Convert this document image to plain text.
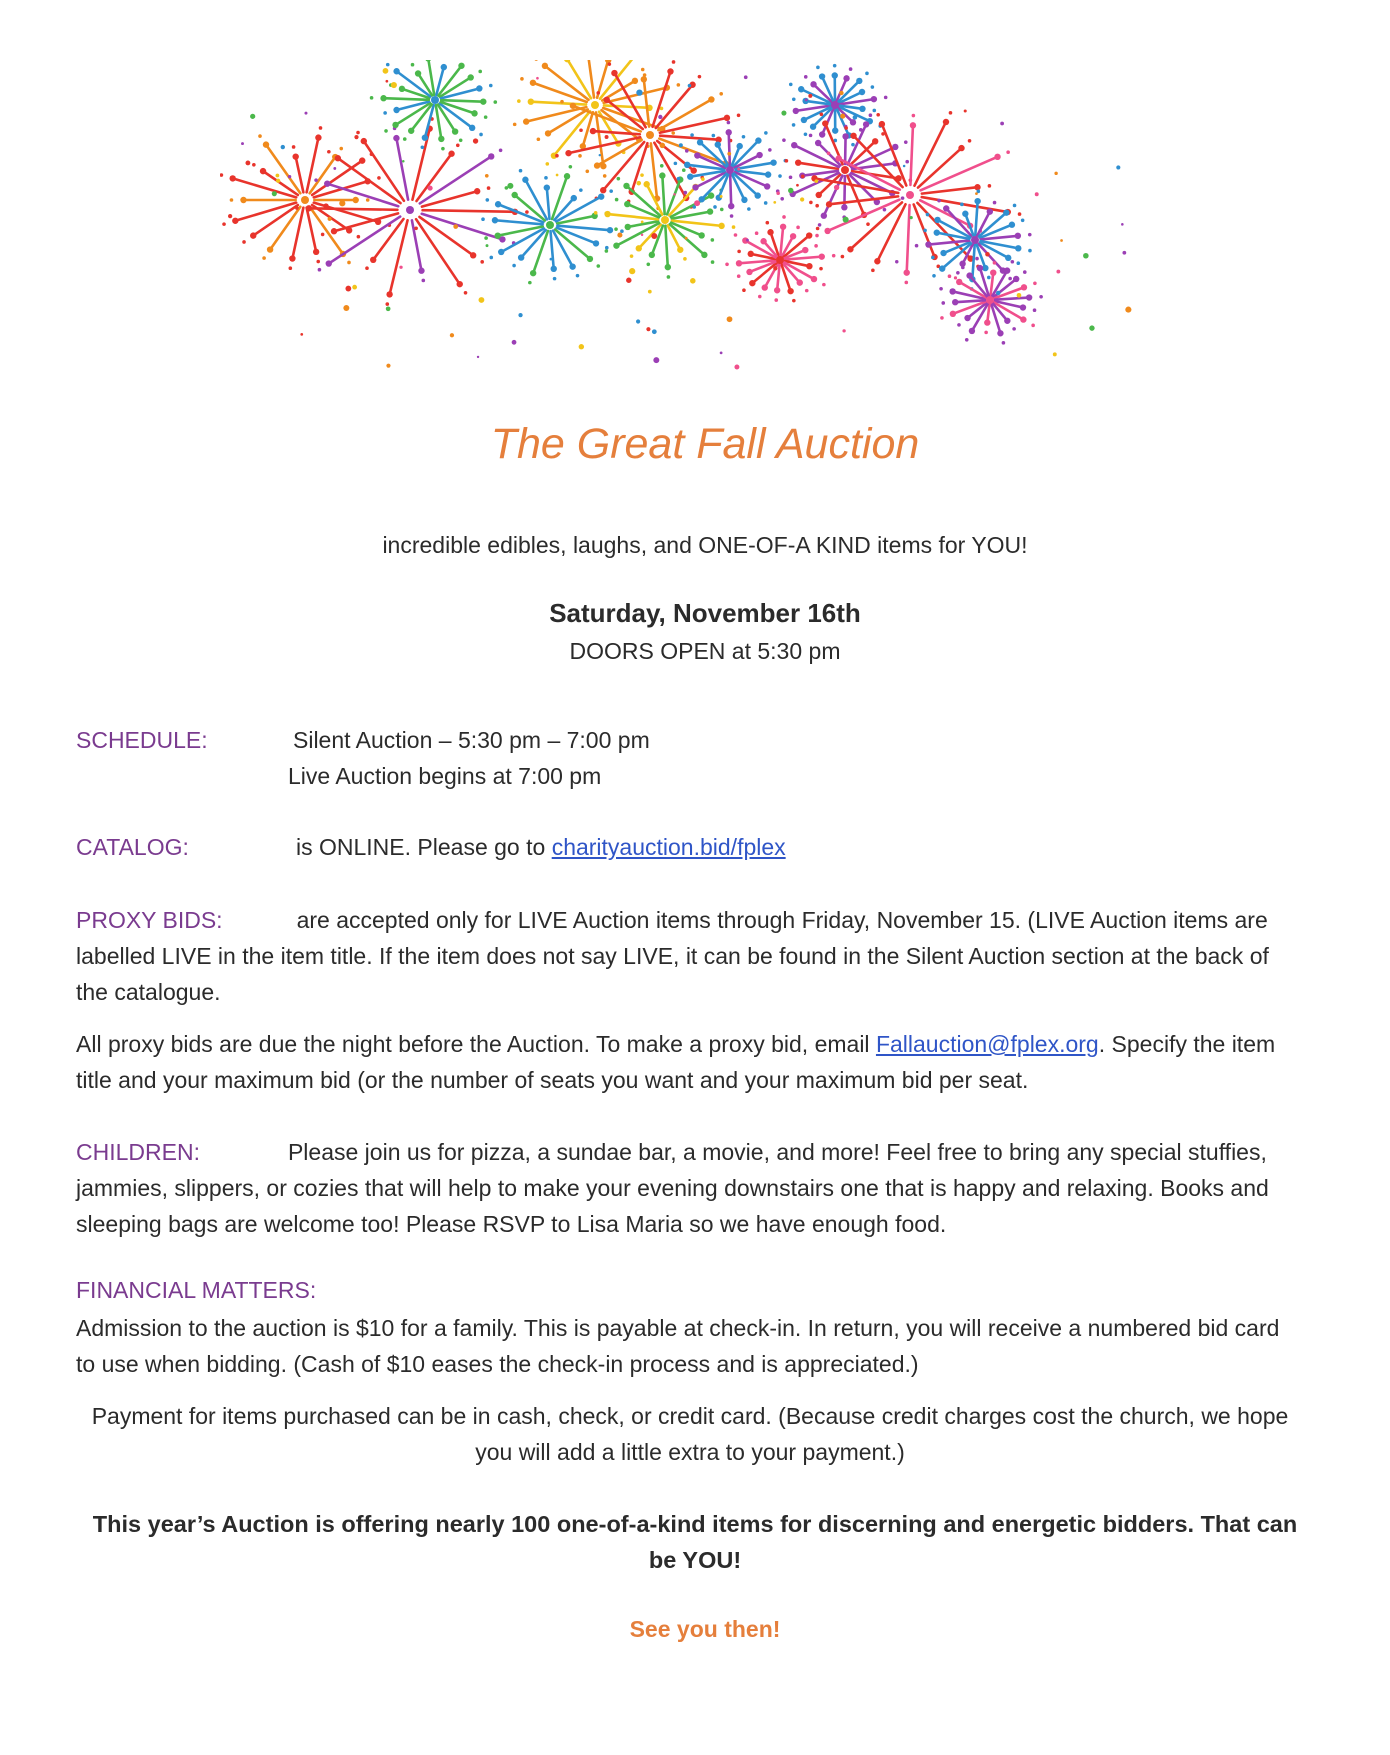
The Great Fall Auction
incredible edibles, laughs, and ONE-OF-A KIND items for YOU!
Saturday, November 16th
DOORS OPEN at 5:30 pm
SCHEDULE:	Silent Auction – 5:30 pm – 7:00 pm
Live Auction begins at 7:00 pm
CATALOG:	is ONLINE. Please go to charityauction.bid/fplex
PROXY BIDS:	are accepted only for LIVE Auction items through Friday, November 15. (LIVE Auction items are labelled LIVE in the item title. If the item does not say LIVE, it can be found in the Silent Auction section at the back of the catalogue.
All proxy bids are due the night before the Auction. To make a proxy bid, email Fallauction@fplex.org. Specify the item title and your maximum bid (or the number of seats you want and your maximum bid per seat.
CHILDREN:	Please join us for pizza, a sundae bar, a movie, and more! Feel free to bring any special stuffies, jammies, slippers, or cozies that will help to make your evening downstairs one that is happy and relaxing. Books and sleeping bags are welcome too! Please RSVP to Lisa Maria so we have enough food.
FINANCIAL MATTERS:
Admission to the auction is $10 for a family. This is payable at check-in. In return, you will receive a numbered bid card to use when bidding. (Cash of $10 eases the check-in process and is appreciated.)
Payment for items purchased can be in cash, check, or credit card. (Because credit charges cost the church, we hope you will add a little extra to your payment.)
This year’s Auction is offering nearly 100 one-of-a-kind items for discerning and energetic bidders. That can be YOU!
See you then!
